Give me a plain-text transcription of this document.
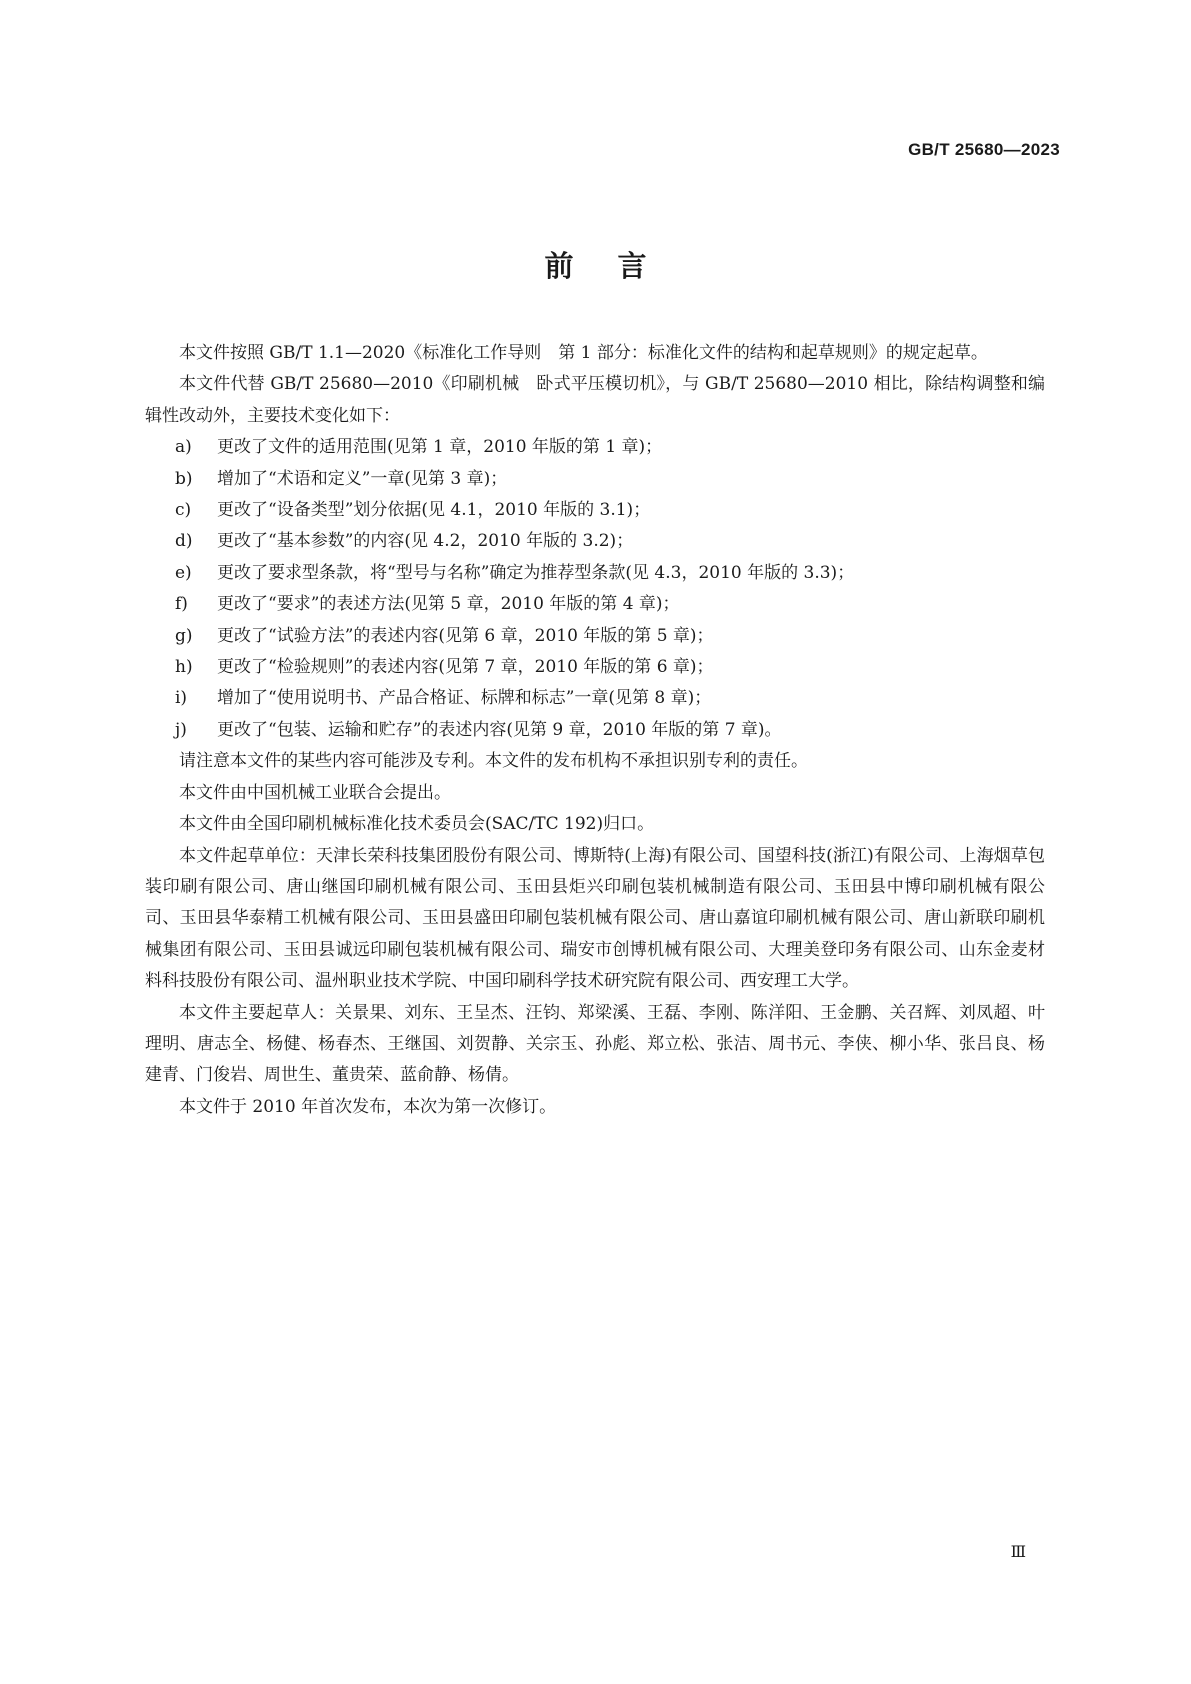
GB/T 25680—2023
前言

本文件按照 GB/T 1.1—2020《标准化工作导则　第 1 部分：标准化文件的结构和起草规则》的规定起草。

本文件代替 GB/T 25680—2010《印刷机械　卧式平压模切机》，与 GB/T 25680—2010 相比，除结构调整和编辑性改动外，主要技术变化如下：

a) 更改了文件的适用范围(见第 1 章，2010 年版的第 1 章)；
b) 增加了“术语和定义”一章(见第 3 章)；
c) 更改了“设备类型”划分依据(见 4.1，2010 年版的 3.1)；
d) 更改了“基本参数”的内容(见 4.2，2010 年版的 3.2)；
e) 更改了要求型条款，将“型号与名称”确定为推荐型条款(见 4.3，2010 年版的 3.3)；
f) 更改了“要求”的表述方法(见第 5 章，2010 年版的第 4 章)；
g) 更改了“试验方法”的表述内容(见第 6 章，2010 年版的第 5 章)；
h) 更改了“检验规则”的表述内容(见第 7 章，2010 年版的第 6 章)；
i) 增加了“使用说明书、产品合格证、标牌和标志”一章(见第 8 章)；
j) 更改了“包装、运输和贮存”的表述内容(见第 9 章，2010 年版的第 7 章)。

请注意本文件的某些内容可能涉及专利。本文件的发布机构不承担识别专利的责任。

本文件由中国机械工业联合会提出。

本文件由全国印刷机械标准化技术委员会(SAC/TC 192)归口。

本文件起草单位：天津长荣科技集团股份有限公司、博斯特(上海)有限公司、国望科技(浙江)有限公司、上海烟草包装印刷有限公司、唐山继国印刷机械有限公司、玉田县炬兴印刷包装机械制造有限公司、玉田县中博印刷机械有限公司、玉田县华泰精工机械有限公司、玉田县盛田印刷包装机械有限公司、唐山嘉谊印刷机械有限公司、唐山新联印刷机械集团有限公司、玉田县诚远印刷包装机械有限公司、瑞安市创博机械有限公司、大理美登印务有限公司、山东金麦材料科技股份有限公司、温州职业技术学院、中国印刷科学技术研究院有限公司、西安理工大学。

本文件主要起草人：关景果、刘东、王呈杰、汪钧、郑梁溪、王磊、李刚、陈洋阳、王金鹏、关召辉、刘凤超、叶理明、唐志全、杨健、杨春杰、王继国、刘贺静、关宗玉、孙彪、郑立松、张洁、周书元、李侠、柳小华、张吕良、杨建青、门俊岩、周世生、董贵荣、蓝俞静、杨倩。

本文件于 2010 年首次发布，本次为第一次修订。

Ⅲ
